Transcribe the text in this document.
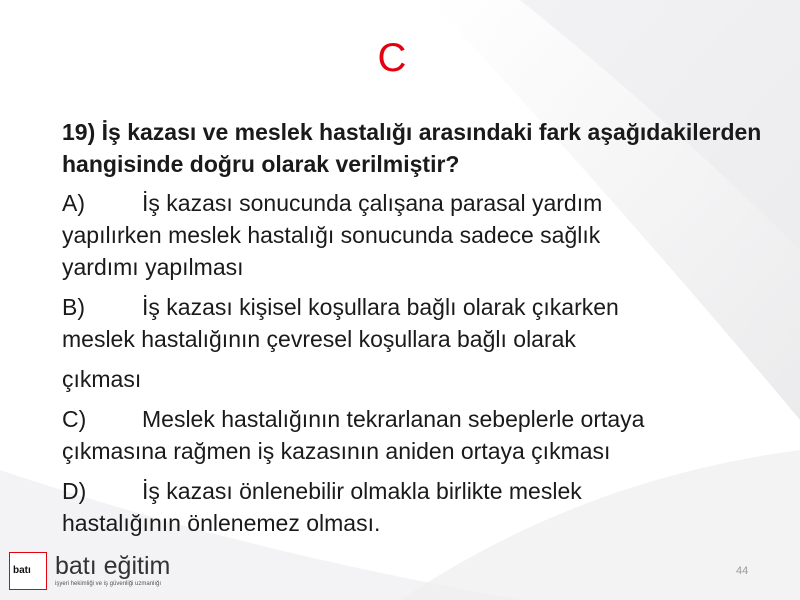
C
19) İş kazası ve meslek hastalığı arasındaki fark aşağıdakilerden hangisinde doğru olarak verilmiştir?
A) İş kazası sonucunda çalışana parasal yardım
yapılırken meslek hastalığı sonucunda sadece sağlık
yardımı yapılması
B) İş kazası kişisel koşullara bağlı olarak çıkarken
meslek hastalığının çevresel koşullara bağlı olarak
çıkması
C) Meslek hastalığının tekrarlanan sebeplerle ortaya
çıkmasına rağmen iş kazasının aniden ortaya çıkması
D) İş kazası önlenebilir olmakla birlikte meslek
hastalığının önlenemez olması.
batı batı eğitim
işyeri hekimliği ve iş güvenliği uzmanlığı
44
